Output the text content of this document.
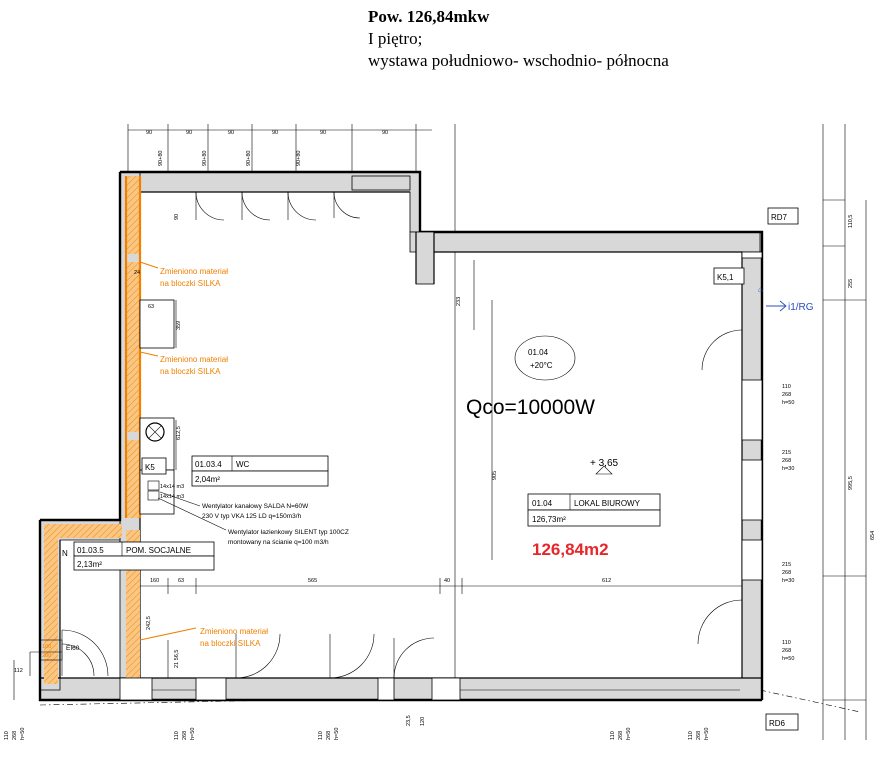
Pow. 126,84mkw
I piętro;
wystawa południowo- wschodnio- północna
100
200
EI60
112
01.04
+20°C
Qco=10000W
126,84m2
+ 3,65
01.04	LOKAL BIUROWY
126,73m²
01.03.4 WC
2,04m²
01.03.5	POM. SOCJALNE
2,13m²
Zmieniono materiał
na bloczki SILKA
Zmieniono materiał
na bloczki SILKA
Zmieniono materiał
na bloczki SILKA
Wentylator kanałowy SALDA N=60W
230 V typ VKA 125 LD q=150m3/h
Wentylator łazienkowy SILENT typ 100CZ
montowany na ścianie q=100 m3/h
RD7
RD6
K5,1
K5
i1/RG
⌂
N
90	90	90	90	90	90
90+80	90+80	90+80	90+80
110,5
255
995,5
654
24
63
359
612,5
14x14 m3
14x14 m3
905
233
90
160	63	565	40	612
242,5
21 56,5
110
268
h=50
215
268
h=30
215
268
h=30
110
268
h=50
110 268 h=50	110 268 h=50	110 268 h=50	110 268 h=50	110 268 h=50
23,5 120
